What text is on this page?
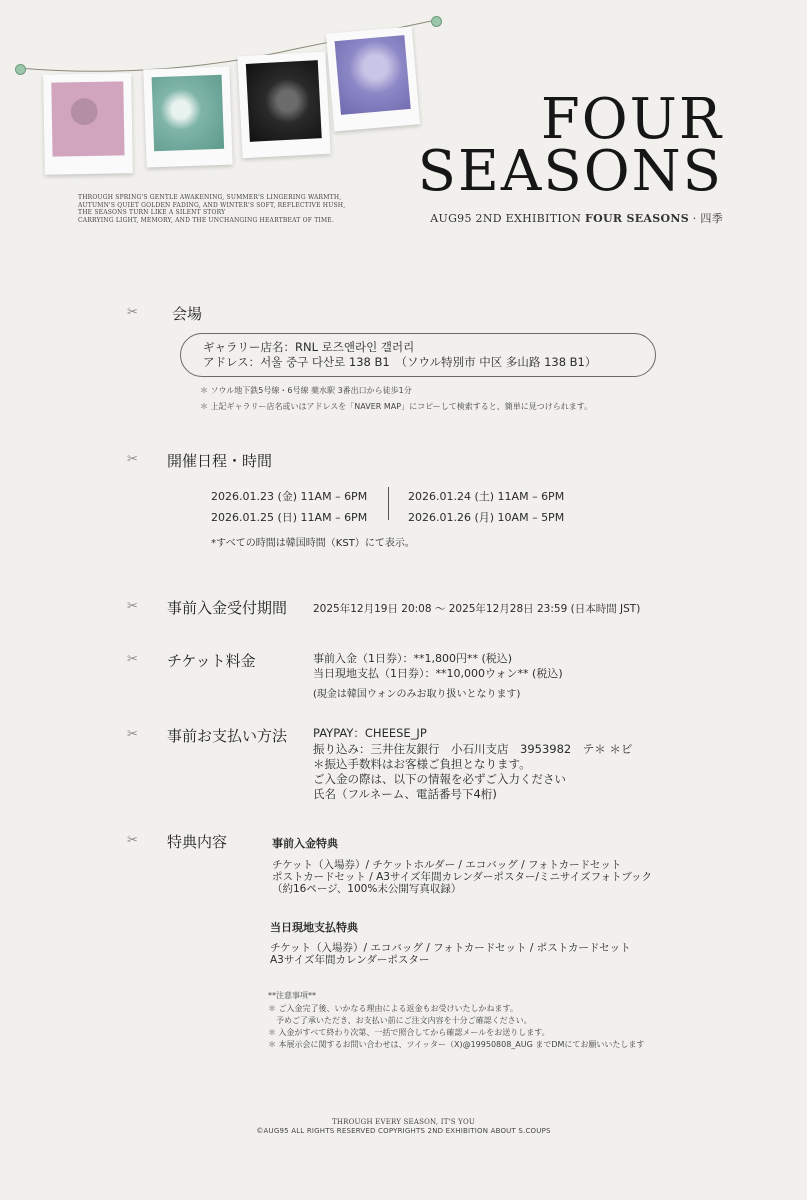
FOUR
SEASONS
AUG95 2ND EXHIBITION FOUR SEASONS · 四季
THROUGH SPRING'S GENTLE AWAKENING, SUMMER'S LINGERING WARMTH,
AUTUMN'S QUIET GOLDEN FADING, AND WINTER'S SOFT, REFLECTIVE HUSH,
THE SEASONS TURN LIKE A SILENT STORY
CARRYING LIGHT, MEMORY, AND THE UNCHANGING HEARTBEAT OF TIME.
✂ 会場
ギャラリー店名：RNL 로즈앤라인 갤러리
アドレス：서울 중구 다산로 138 B1　（ソウル特別市 中区 多山路 138 B1）
＊ ソウル地下鉄5号線・6号線 薬水駅 3番出口から徒歩1分
＊ 上記ギャラリー店名或いはアドレスを「NAVER MAP」にコピーして検索すると、簡単に見つけられます。
✂ 開催日程・時間
2026.01.23 (金) 11AM – 6PM	2026.01.24 (土) 11AM – 6PM
2026.01.25 (日) 11AM – 6PM	2026.01.26 (月) 10AM – 5PM
*すべての時間は韓国時間（KST）にて表示。
✂ 事前入金受付期間 2025年12月19日 20:08 〜 2025年12月28日 23:59 (日本時間 JST)
✂ チケット料金	事前入金（1日券）：**1,800円** (税込)
当日現地支払（1日券）：**10,000ウォン** (税込)
(現金は韓国ウォンのみお取り扱いとなります)
✂ 事前お支払い方法 PAYPAY：CHEESE_JP
振り込み：三井住友銀行　小石川支店　3953982　テ＊ ＊ビ
＊振込手数料はお客様ご負担となります。
ご入金の際は、以下の情報を必ずご入力ください
氏名（フルネーム、電話番号下4桁)
✂ 特典内容	事前入金特典
チケット（入場券）/ チケットホルダー / エコバッグ / フォトカードセット
ポストカードセット / A3サイズ年間カレンダーポスター/ミニサイズフォトブック
（約16ページ、100%未公開写真収録）
当日現地支払特典
チケット（入場券）/ エコバッグ / フォトカードセット / ポストカードセット
A3サイズ年間カレンダーポスター
**注意事項**
＊ ご入金完了後、いかなる理由による返金もお受けいたしかねます。
　予めご了承いただき、お支払い前にご注文内容を十分ご確認ください。
＊ 入金がすべて終わり次第、一括で照合してから確認メールをお送りします。
＊ 本展示会に関するお問い合わせは、ツイッター（X)@19950808_AUG までDMにてお願いいたします
THROUGH EVERY SEASON, IT'S YOU
©AUG95 ALL RIGHTS RESERVED COPYRIGHTS 2ND EXHIBITION ABOUT S.COUPS
